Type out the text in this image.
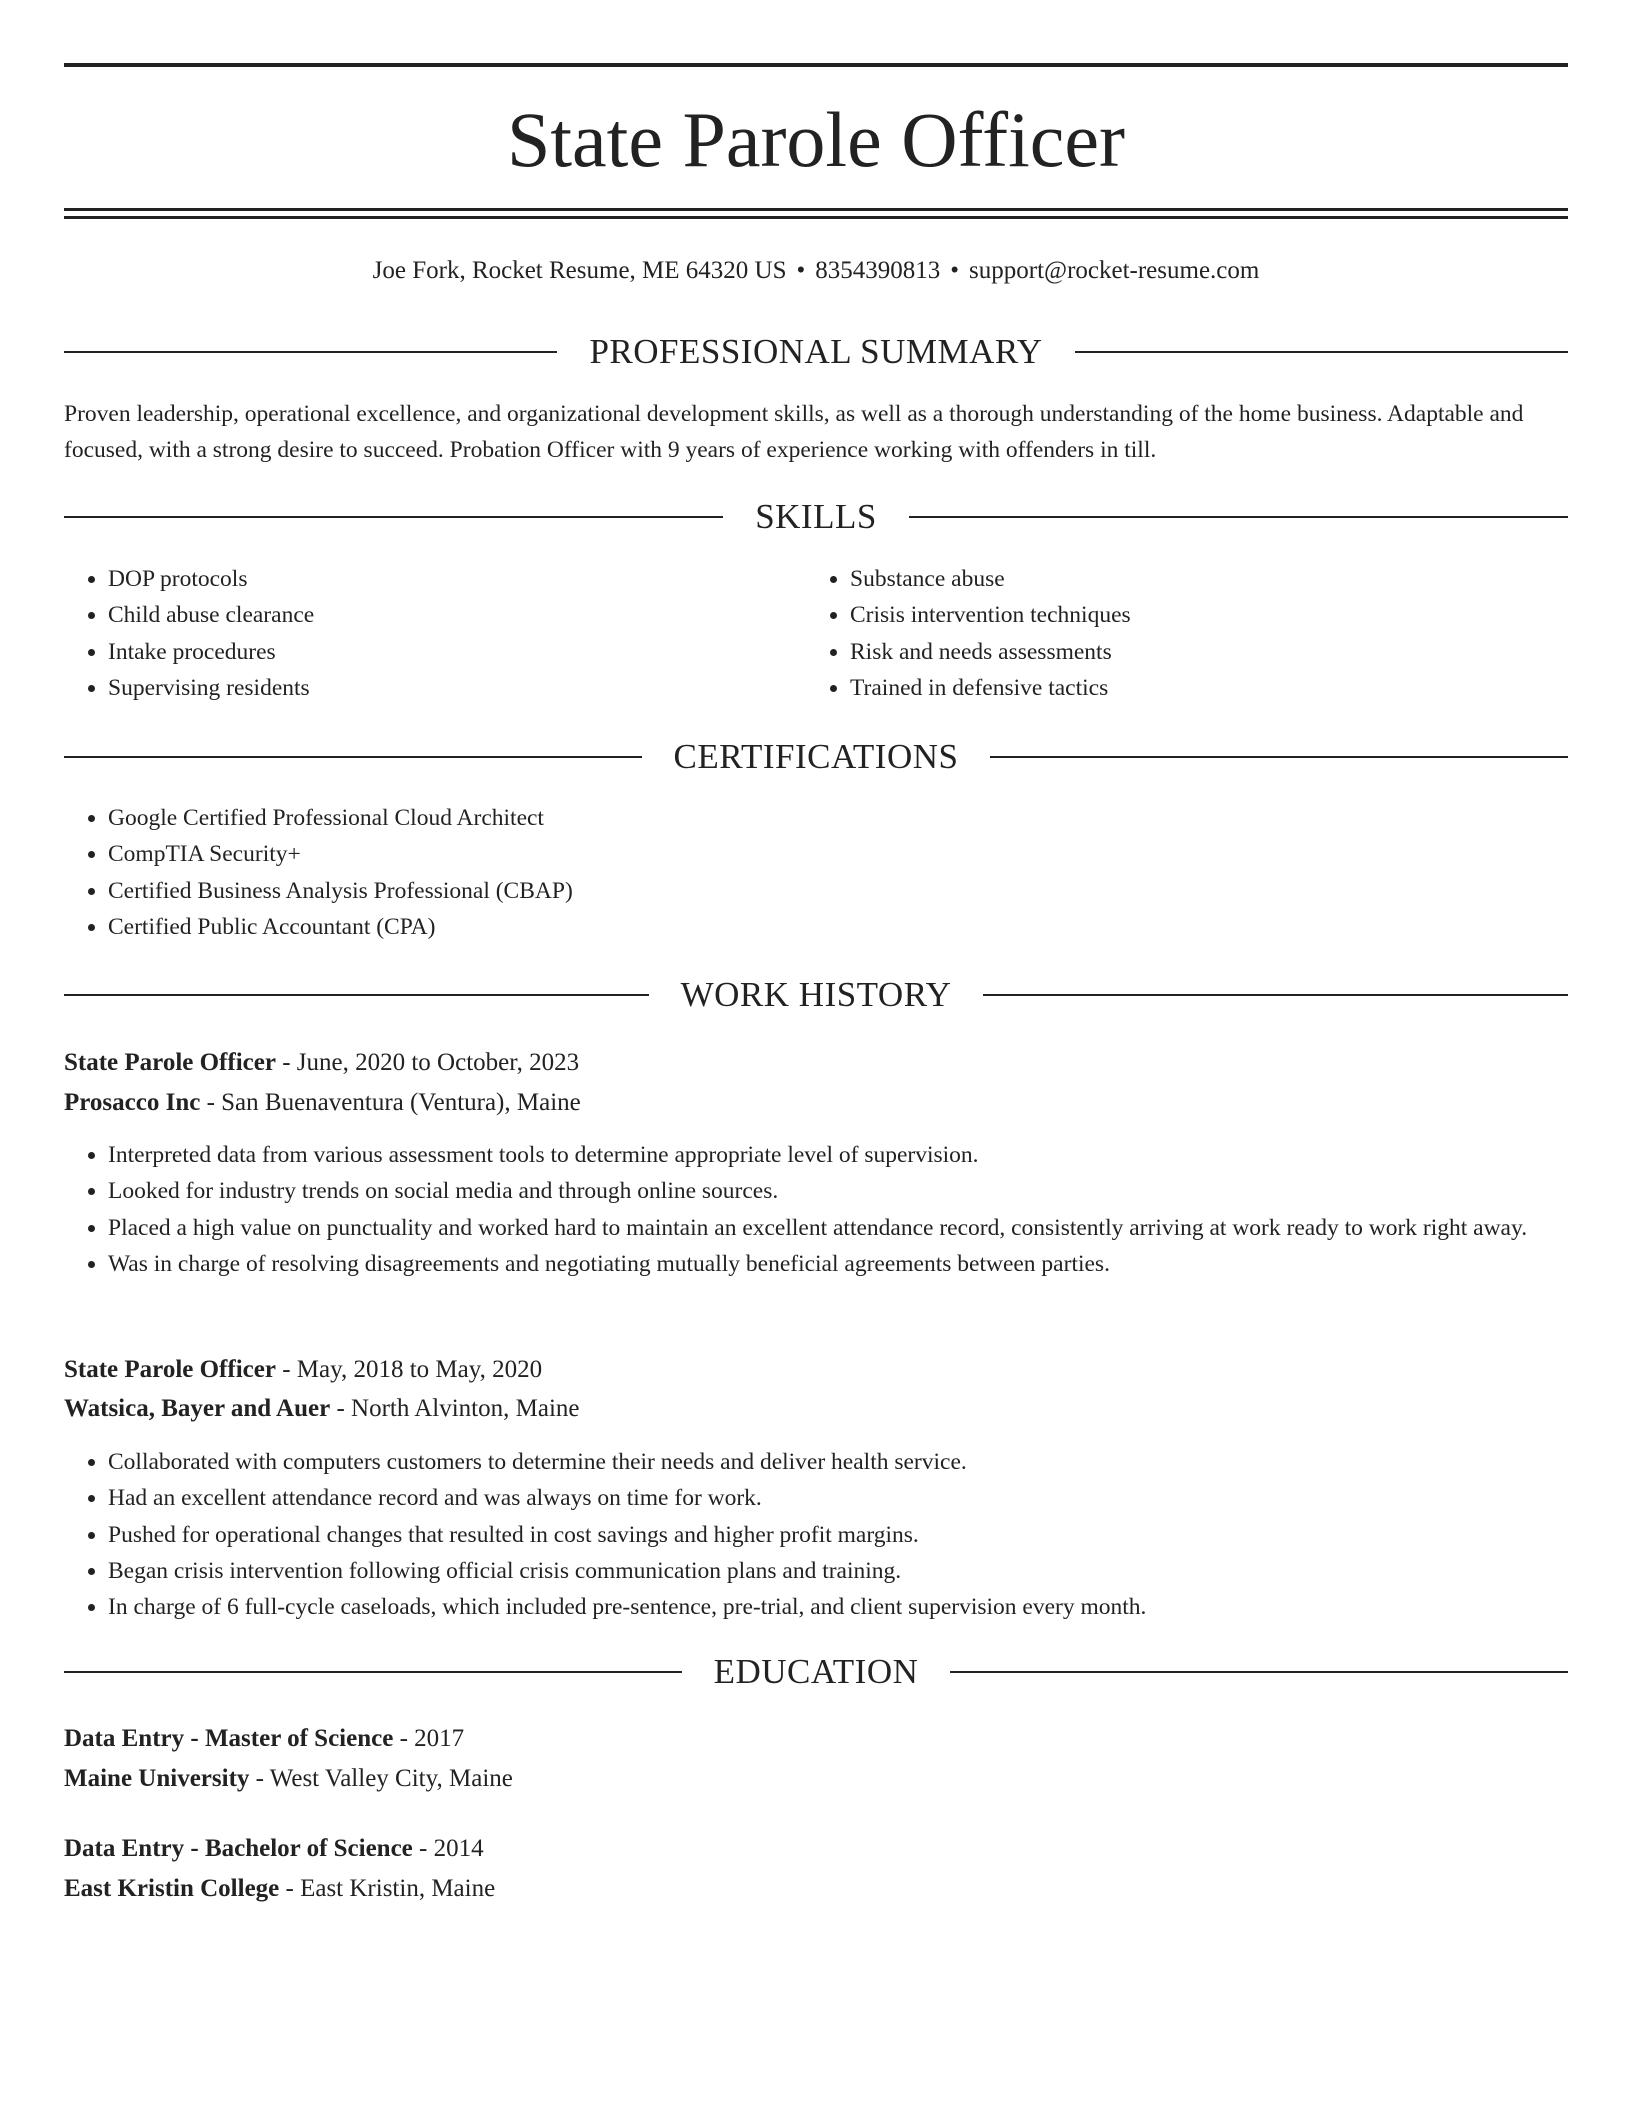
State Parole Officer
Joe Fork, Rocket Resume, ME 64320 US • 8354390813 • support@rocket-resume.com
PROFESSIONAL SUMMARY
Proven leadership, operational excellence, and organizational development skills, as well as a thorough understanding of the home business. Adaptable and focused, with a strong desire to succeed. Probation Officer with 9 years of experience working with offenders in till.
SKILLS
• DOP protocols
• Child abuse clearance
• Intake procedures
• Supervising residents
• Substance abuse
• Crisis intervention techniques
• Risk and needs assessments
• Trained in defensive tactics
CERTIFICATIONS
• Google Certified Professional Cloud Architect
• CompTIA Security+
• Certified Business Analysis Professional (CBAP)
• Certified Public Accountant (CPA)
WORK HISTORY
State Parole Officer - June, 2020 to October, 2023
Prosacco Inc - San Buenaventura (Ventura), Maine
• Interpreted data from various assessment tools to determine appropriate level of supervision.
• Looked for industry trends on social media and through online sources.
• Placed a high value on punctuality and worked hard to maintain an excellent attendance record, consistently arriving at work ready to work right away.
• Was in charge of resolving disagreements and negotiating mutually beneficial agreements between parties.
State Parole Officer - May, 2018 to May, 2020
Watsica, Bayer and Auer - North Alvinton, Maine
• Collaborated with computers customers to determine their needs and deliver health service.
• Had an excellent attendance record and was always on time for work.
• Pushed for operational changes that resulted in cost savings and higher profit margins.
• Began crisis intervention following official crisis communication plans and training.
• In charge of 6 full-cycle caseloads, which included pre-sentence, pre-trial, and client supervision every month.
EDUCATION
Data Entry - Master of Science - 2017
Maine University - West Valley City, Maine
Data Entry - Bachelor of Science - 2014
East Kristin College - East Kristin, Maine
